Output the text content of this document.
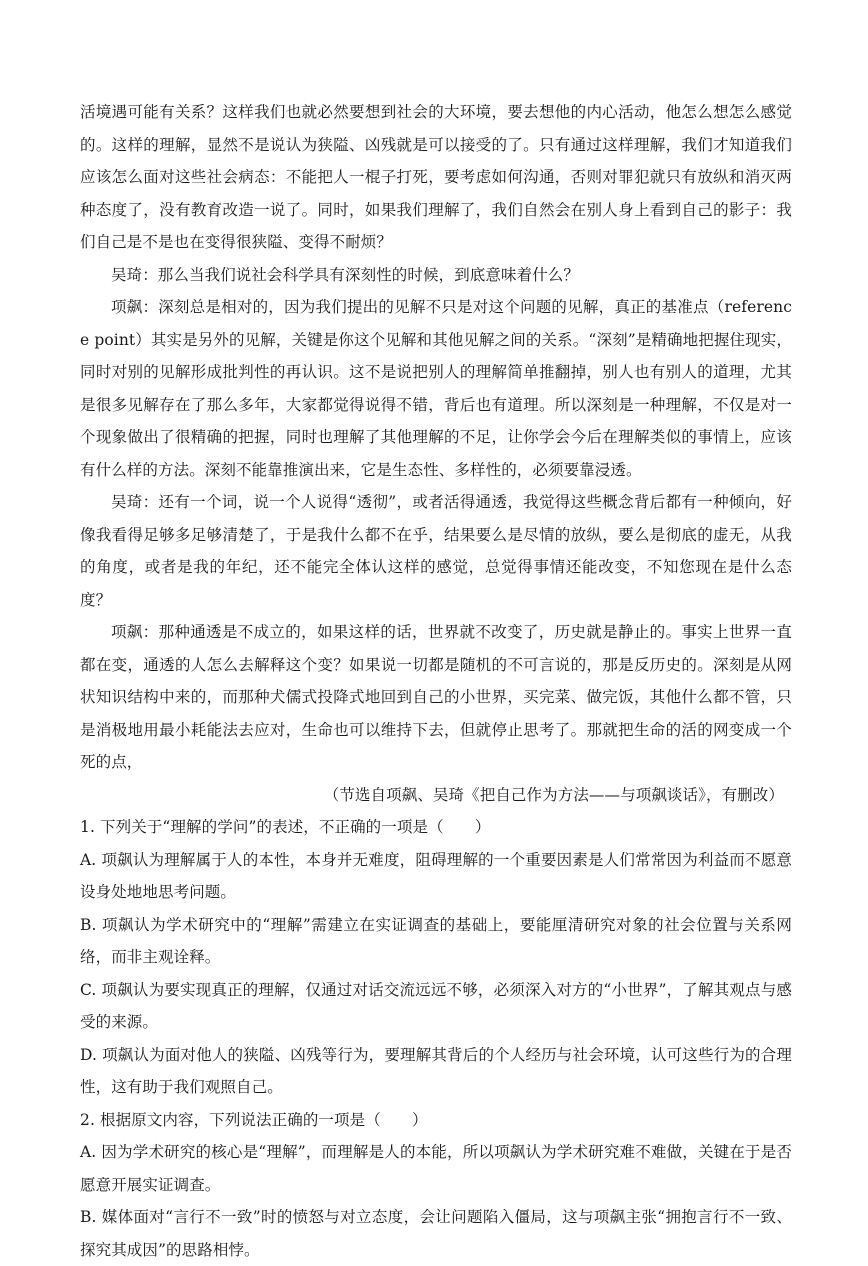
活境遇可能有关系？这样我们也就必然要想到社会的大环境，要去想他的内心活动，他怎么想怎么感觉的。这样的理解，显然不是说认为狭隘、凶残就是可以接受的了。只有通过这样理解，我们才知道我们应该怎么面对这些社会病态：不能把人一棍子打死，要考虑如何沟通，否则对罪犯就只有放纵和消灭两种态度了，没有教育改造一说了。同时，如果我们理解了，我们自然会在别人身上看到自己的影子：我们自己是不是也在变得很狭隘、变得不耐烦？

吴琦：那么当我们说社会科学具有深刻性的时候，到底意味着什么？

项飙：深刻总是相对的，因为我们提出的见解不只是对这个问题的见解，真正的基准点（reference point）其实是另外的见解，关键是你这个见解和其他见解之间的关系。“深刻”是精确地把握住现实，同时对别的见解形成批判性的再认识。这不是说把别人的理解简单推翻掉，别人也有别人的道理，尤其是很多见解存在了那么多年，大家都觉得说得不错，背后也有道理。所以深刻是一种理解，不仅是对一个现象做出了很精确的把握，同时也理解了其他理解的不足，让你学会今后在理解类似的事情上，应该有什么样的方法。深刻不能靠推演出来，它是生态性、多样性的，必须要靠浸透。

吴琦：还有一个词，说一个人说得“透彻”，或者活得通透，我觉得这些概念背后都有一种倾向，好像我看得足够多足够清楚了，于是我什么都不在乎，结果要么是尽情的放纵，要么是彻底的虚无，从我的角度，或者是我的年纪，还不能完全体认这样的感觉，总觉得事情还能改变，不知您现在是什么态度？

项飙：那种通透是不成立的，如果这样的话，世界就不改变了，历史就是静止的。事实上世界一直都在变，通透的人怎么去解释这个变？如果说一切都是随机的不可言说的，那是反历史的。深刻是从网状知识结构中来的，而那种犬儒式投降式地回到自己的小世界，买完菜、做完饭，其他什么都不管，只是消极地用最小耗能法去应对，生命也可以维持下去，但就停止思考了。那就把生命的活的网变成一个死的点，

（节选自项飙、吴琦《把自己作为方法——与项飙谈话》，有删改）

1. 下列关于“理解的学问”的表述，不正确的一项是（　　）

A. 项飙认为理解属于人的本性，本身并无难度，阻碍理解的一个重要因素是人们常常因为利益而不愿意设身处地地思考问题。

B. 项飙认为学术研究中的“理解”需建立在实证调查的基础上，要能厘清研究对象的社会位置与关系网络，而非主观诠释。

C. 项飙认为要实现真正的理解，仅通过对话交流远远不够，必须深入对方的“小世界”，了解其观点与感受的来源。

D. 项飙认为面对他人的狭隘、凶残等行为，要理解其背后的个人经历与社会环境，认可这些行为的合理性，这有助于我们观照自己。

2. 根据原文内容，下列说法正确的一项是（　　）

A. 因为学术研究的核心是“理解”，而理解是人的本能，所以项飙认为学术研究难不难做，关键在于是否愿意开展实证调查。

B. 媒体面对“言行不一致”时的愤怒与对立态度，会让问题陷入僵局，这与项飙主张“拥抱言行不一致、探究其成因”的思路相悖。
